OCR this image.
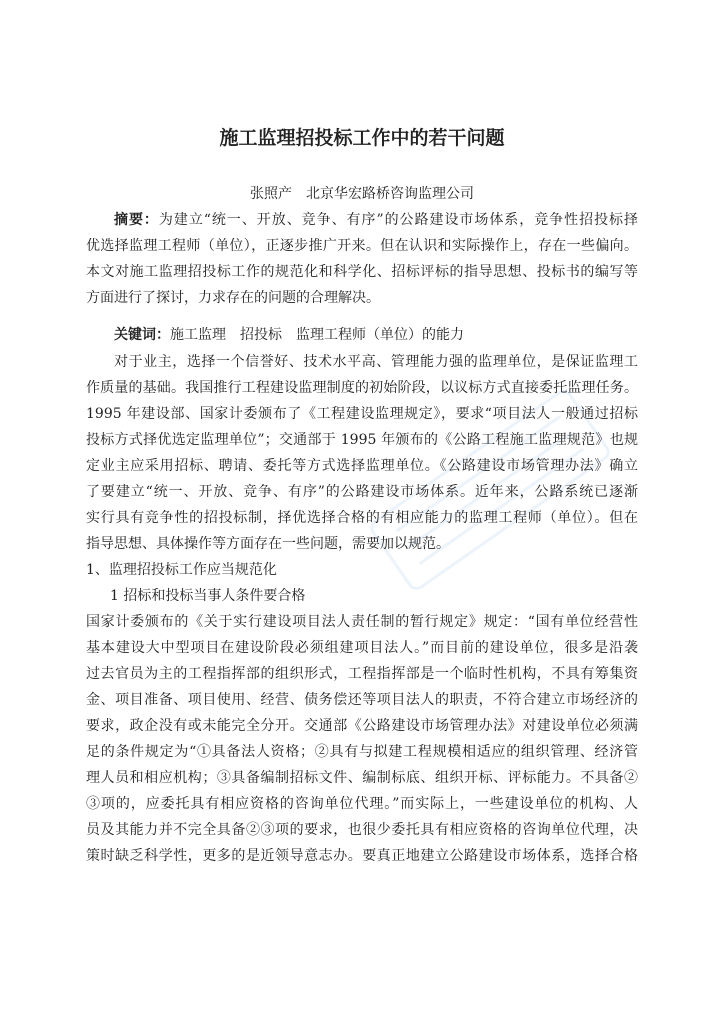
施工监理招投标工作中的若干问题
张照产　北京华宏路桥咨询监理公司
摘要：为建立“统一、开放、竞争、有序”的公路建设市场体系，竞争性招投标择
优选择监理工程师（单位），正逐步推广开来。但在认识和实际操作上，存在一些偏向。
本文对施工监理招投标工作的规范化和科学化、招标评标的指导思想、投标书的编写等
方面进行了探讨，力求存在的问题的合理解决。
关键词：施工监理　招投标　监理工程师（单位）的能力
对于业主，选择一个信誉好、技术水平高、管理能力强的监理单位，是保证监理工
作质量的基础。我国推行工程建设监理制度的初始阶段，以议标方式直接委托监理任务。
1995 年建设部、国家计委颁布了《工程建设监理规定》，要求“项目法人一般通过招标
投标方式择优选定监理单位”；交通部于 1995 年颁布的《公路工程施工监理规范》也规
定业主应采用招标、聘请、委托等方式选择监理单位。《公路建设市场管理办法》确立
了要建立“统一、开放、竞争、有序”的公路建设市场体系。近年来，公路系统已逐渐
实行具有竞争性的招投标制，择优选择合格的有相应能力的监理工程师（单位）。但在
指导思想、具体操作等方面存在一些问题，需要加以规范。
1、监理招投标工作应当规范化
1 招标和投标当事人条件要合格
国家计委颁布的《关于实行建设项目法人责任制的暂行规定》规定：“国有单位经营性
基本建设大中型项目在建设阶段必须组建项目法人。”而目前的建设单位，很多是沿袭
过去官员为主的工程指挥部的组织形式，工程指挥部是一个临时性机构，不具有筹集资
金、项目准备、项目使用、经营、债务偿还等项目法人的职责，不符合建立市场经济的
要求，政企没有或未能完全分开。交通部《公路建设市场管理办法》对建设单位必须满
足的条件规定为“①具备法人资格；②具有与拟建工程规模相适应的组织管理、经济管
理人员和相应机构；③具备编制招标文件、编制标底、组织开标、评标能力。不具备②
③项的，应委托具有相应资格的咨询单位代理。”而实际上，一些建设单位的机构、人
员及其能力并不完全具备②③项的要求，也很少委托具有相应资格的咨询单位代理，决
策时缺乏科学性，更多的是近领导意志办。要真正地建立公路建设市场体系，选择合格
